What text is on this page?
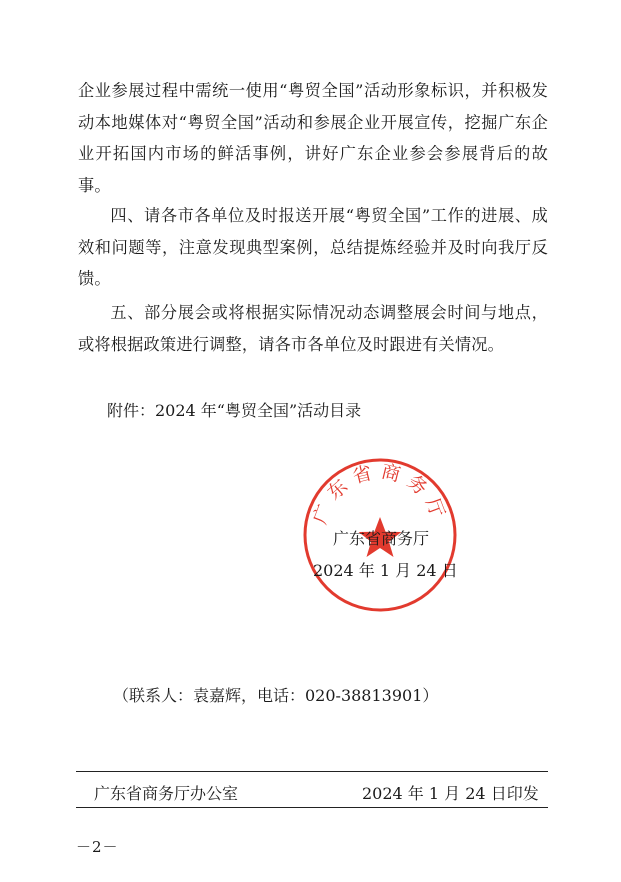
企业参展过程中需统一使用“粤贸全国”活动形象标识，并积极发动本地媒体对“粤贸全国”活动和参展企业开展宣传，挖掘广东企业开拓国内市场的鲜活事例，讲好广东企业参会参展背后的故事。

四、请各市各单位及时报送开展“粤贸全国”工作的进展、成效和问题等，注意发现典型案例，总结提炼经验并及时向我厅反馈。

五、部分展会或将根据实际情况动态调整展会时间与地点，或将根据政策进行调整，请各市各单位及时跟进有关情况。

附件：2024 年“粤贸全国”活动目录
广东省商务厅
广东省商务厅
2024 年 1 月 24 日
（联系人：袁嘉辉，电话：020-38813901）
广东省商务厅办公室	2024 年 1 月 24 日印发
－2－
